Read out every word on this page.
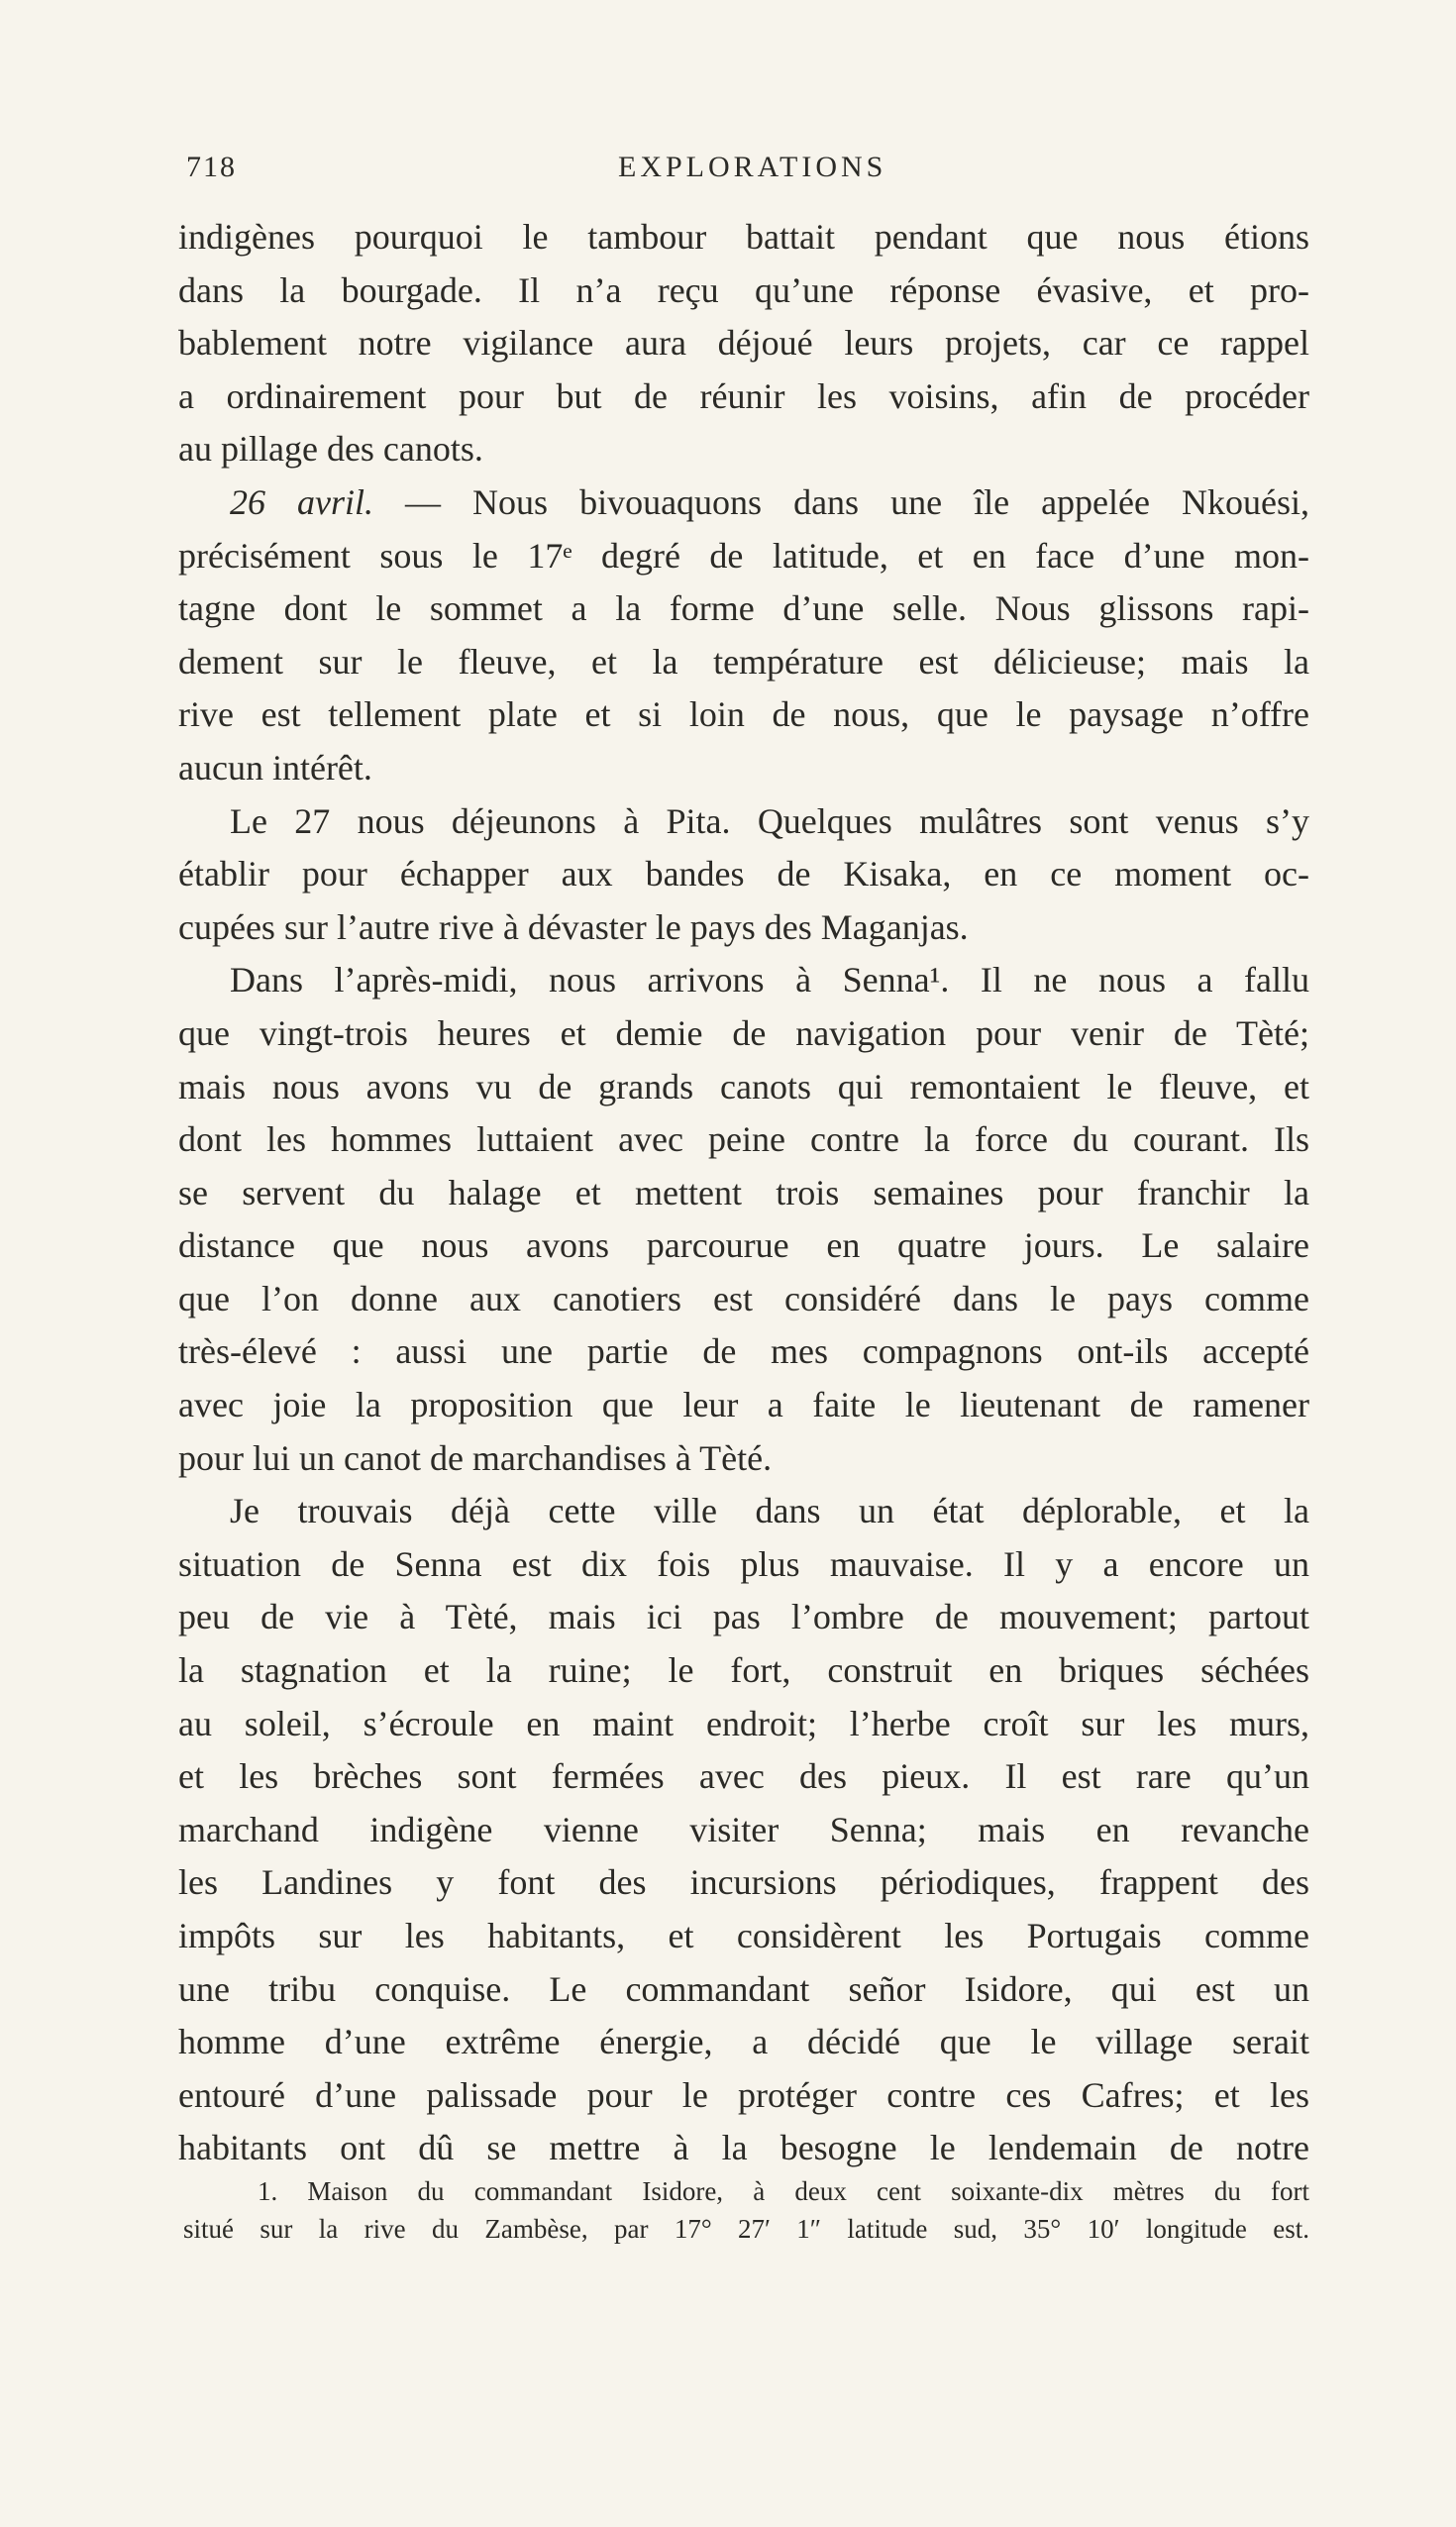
718	EXPLORATIONS
indigènes pourquoi le tambour battait pendant que nous étions
dans la bourgade. Il n’a reçu qu’une réponse évasive, et pro-
bablement notre vigilance aura déjoué leurs projets, car ce rappel
a ordinairement pour but de réunir les voisins, afin de procéder
au pillage des canots.
26 avril. — Nous bivouaquons dans une île appelée Nkouési,
précisément sous le 17ᵉ degré de latitude, et en face d’une mon-
tagne dont le sommet a la forme d’une selle. Nous glissons rapi-
dement sur le fleuve, et la température est délicieuse; mais la
rive est tellement plate et si loin de nous, que le paysage n’offre
aucun intérêt.
Le 27 nous déjeunons à Pita. Quelques mulâtres sont venus s’y
établir pour échapper aux bandes de Kisaka, en ce moment oc-
cupées sur l’autre rive à dévaster le pays des Maganjas.
Dans l’après-midi, nous arrivons à Senna¹. Il ne nous a fallu
que vingt-trois heures et demie de navigation pour venir de Tèté;
mais nous avons vu de grands canots qui remontaient le fleuve, et
dont les hommes luttaient avec peine contre la force du courant. Ils
se servent du halage et mettent trois semaines pour franchir la
distance que nous avons parcourue en quatre jours. Le salaire
que l’on donne aux canotiers est considéré dans le pays comme
très-élevé : aussi une partie de mes compagnons ont-ils accepté
avec joie la proposition que leur a faite le lieutenant de ramener
pour lui un canot de marchandises à Tèté.
Je trouvais déjà cette ville dans un état déplorable, et la
situation de Senna est dix fois plus mauvaise. Il y a encore un
peu de vie à Tèté, mais ici pas l’ombre de mouvement; partout
la stagnation et la ruine; le fort, construit en briques séchées
au soleil, s’écroule en maint endroit; l’herbe croît sur les murs,
et les brèches sont fermées avec des pieux. Il est rare qu’un
marchand indigène vienne visiter Senna; mais en revanche
les Landines y font des incursions périodiques, frappent des
impôts sur les habitants, et considèrent les Portugais comme
une tribu conquise. Le commandant señor Isidore, qui est un
homme d’une extrême énergie, a décidé que le village serait
entouré d’une palissade pour le protéger contre ces Cafres; et les
habitants ont dû se mettre à la besogne le lendemain de notre
1. Maison du commandant Isidore, à deux cent soixante-dix mètres du fort
situé sur la rive du Zambèse, par 17° 27′ 1″ latitude sud, 35° 10′ longitude est.
